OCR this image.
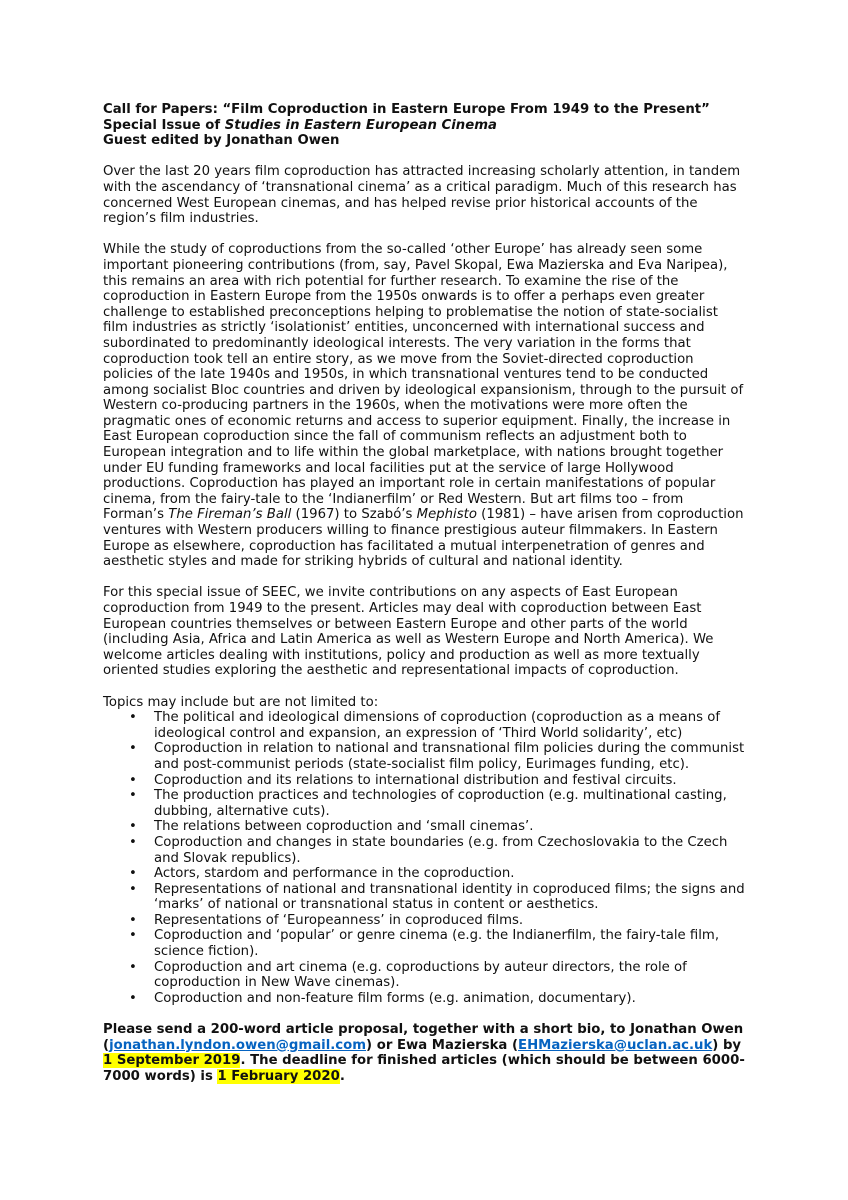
Call for Papers: “Film Coproduction in Eastern Europe From 1949 to the Present”

Special Issue of Studies in Eastern European Cinema

Guest edited by Jonathan Owen

Over the last 20 years film coproduction has attracted increasing scholarly attention, in tandem with the ascendancy of ‘transnational cinema’ as a critical paradigm. Much of this research has concerned West European cinemas, and has helped revise prior historical accounts of the region’s film industries.

While the study of coproductions from the so-called ‘other Europe’ has already seen some important pioneering contributions (from, say, Pavel Skopal, Ewa Mazierska and Eva Naripea), this remains an area with rich potential for further research. To examine the rise of the coproduction in Eastern Europe from the 1950s onwards is to offer a perhaps even greater challenge to established preconceptions helping to problematise the notion of state-socialist film industries as strictly ‘isolationist’ entities, unconcerned with international success and subordinated to predominantly ideological interests. The very variation in the forms that coproduction took tell an entire story, as we move from the Soviet-directed coproduction policies of the late 1940s and 1950s, in which transnational ventures tend to be conducted among socialist Bloc countries and driven by ideological expansionism, through to the pursuit of Western co-producing partners in the 1960s, when the motivations were more often the pragmatic ones of economic returns and access to superior equipment. Finally, the increase in East European coproduction since the fall of communism reflects an adjustment both to European integration and to life within the global marketplace, with nations brought together under EU funding frameworks and local facilities put at the service of large Hollywood productions. Coproduction has played an important role in certain manifestations of popular cinema, from the fairy-tale to the ‘Indianerfilm’ or Red Western. But art films too – from Forman’s The Fireman’s Ball (1967) to Szabó’s Mephisto (1981) – have arisen from coproduction ventures with Western producers willing to finance prestigious auteur filmmakers. In Eastern Europe as elsewhere, coproduction has facilitated a mutual interpenetration of genres and aesthetic styles and made for striking hybrids of cultural and national identity.

For this special issue of SEEC, we invite contributions on any aspects of East European coproduction from 1949 to the present. Articles may deal with coproduction between East European countries themselves or between Eastern Europe and other parts of the world (including Asia, Africa and Latin America as well as Western Europe and North America). We welcome articles dealing with institutions, policy and production as well as more textually oriented studies exploring the aesthetic and representational impacts of coproduction.

Topics may include but are not limited to:

• The political and ideological dimensions of coproduction (coproduction as a means of ideological control and expansion, an expression of ‘Third World solidarity’, etc)
• Coproduction in relation to national and transnational film policies during the communist and post-communist periods (state-socialist film policy, Eurimages funding, etc).
• Coproduction and its relations to international distribution and festival circuits.
• The production practices and technologies of coproduction (e.g. multinational casting, dubbing, alternative cuts).
• The relations between coproduction and ‘small cinemas’.
• Coproduction and changes in state boundaries (e.g. from Czechoslovakia to the Czech and Slovak republics).
• Actors, stardom and performance in the coproduction.
• Representations of national and transnational identity in coproduced films; the signs and ‘marks’ of national or transnational status in content or aesthetics.
• Representations of ‘Europeanness’ in coproduced films.
• Coproduction and ‘popular’ or genre cinema (e.g. the Indianerfilm, the fairy-tale film, science fiction).
• Coproduction and art cinema (e.g. coproductions by auteur directors, the role of coproduction in New Wave cinemas).
• Coproduction and non-feature film forms (e.g. animation, documentary).

Please send a 200-word article proposal, together with a short bio, to Jonathan Owen (jonathan.lyndon.owen@gmail.com) or Ewa Mazierska (EHMazierska@uclan.ac.uk) by 1 September 2019. The deadline for finished articles (which should be between 6000-7000 words) is 1 February 2020.
